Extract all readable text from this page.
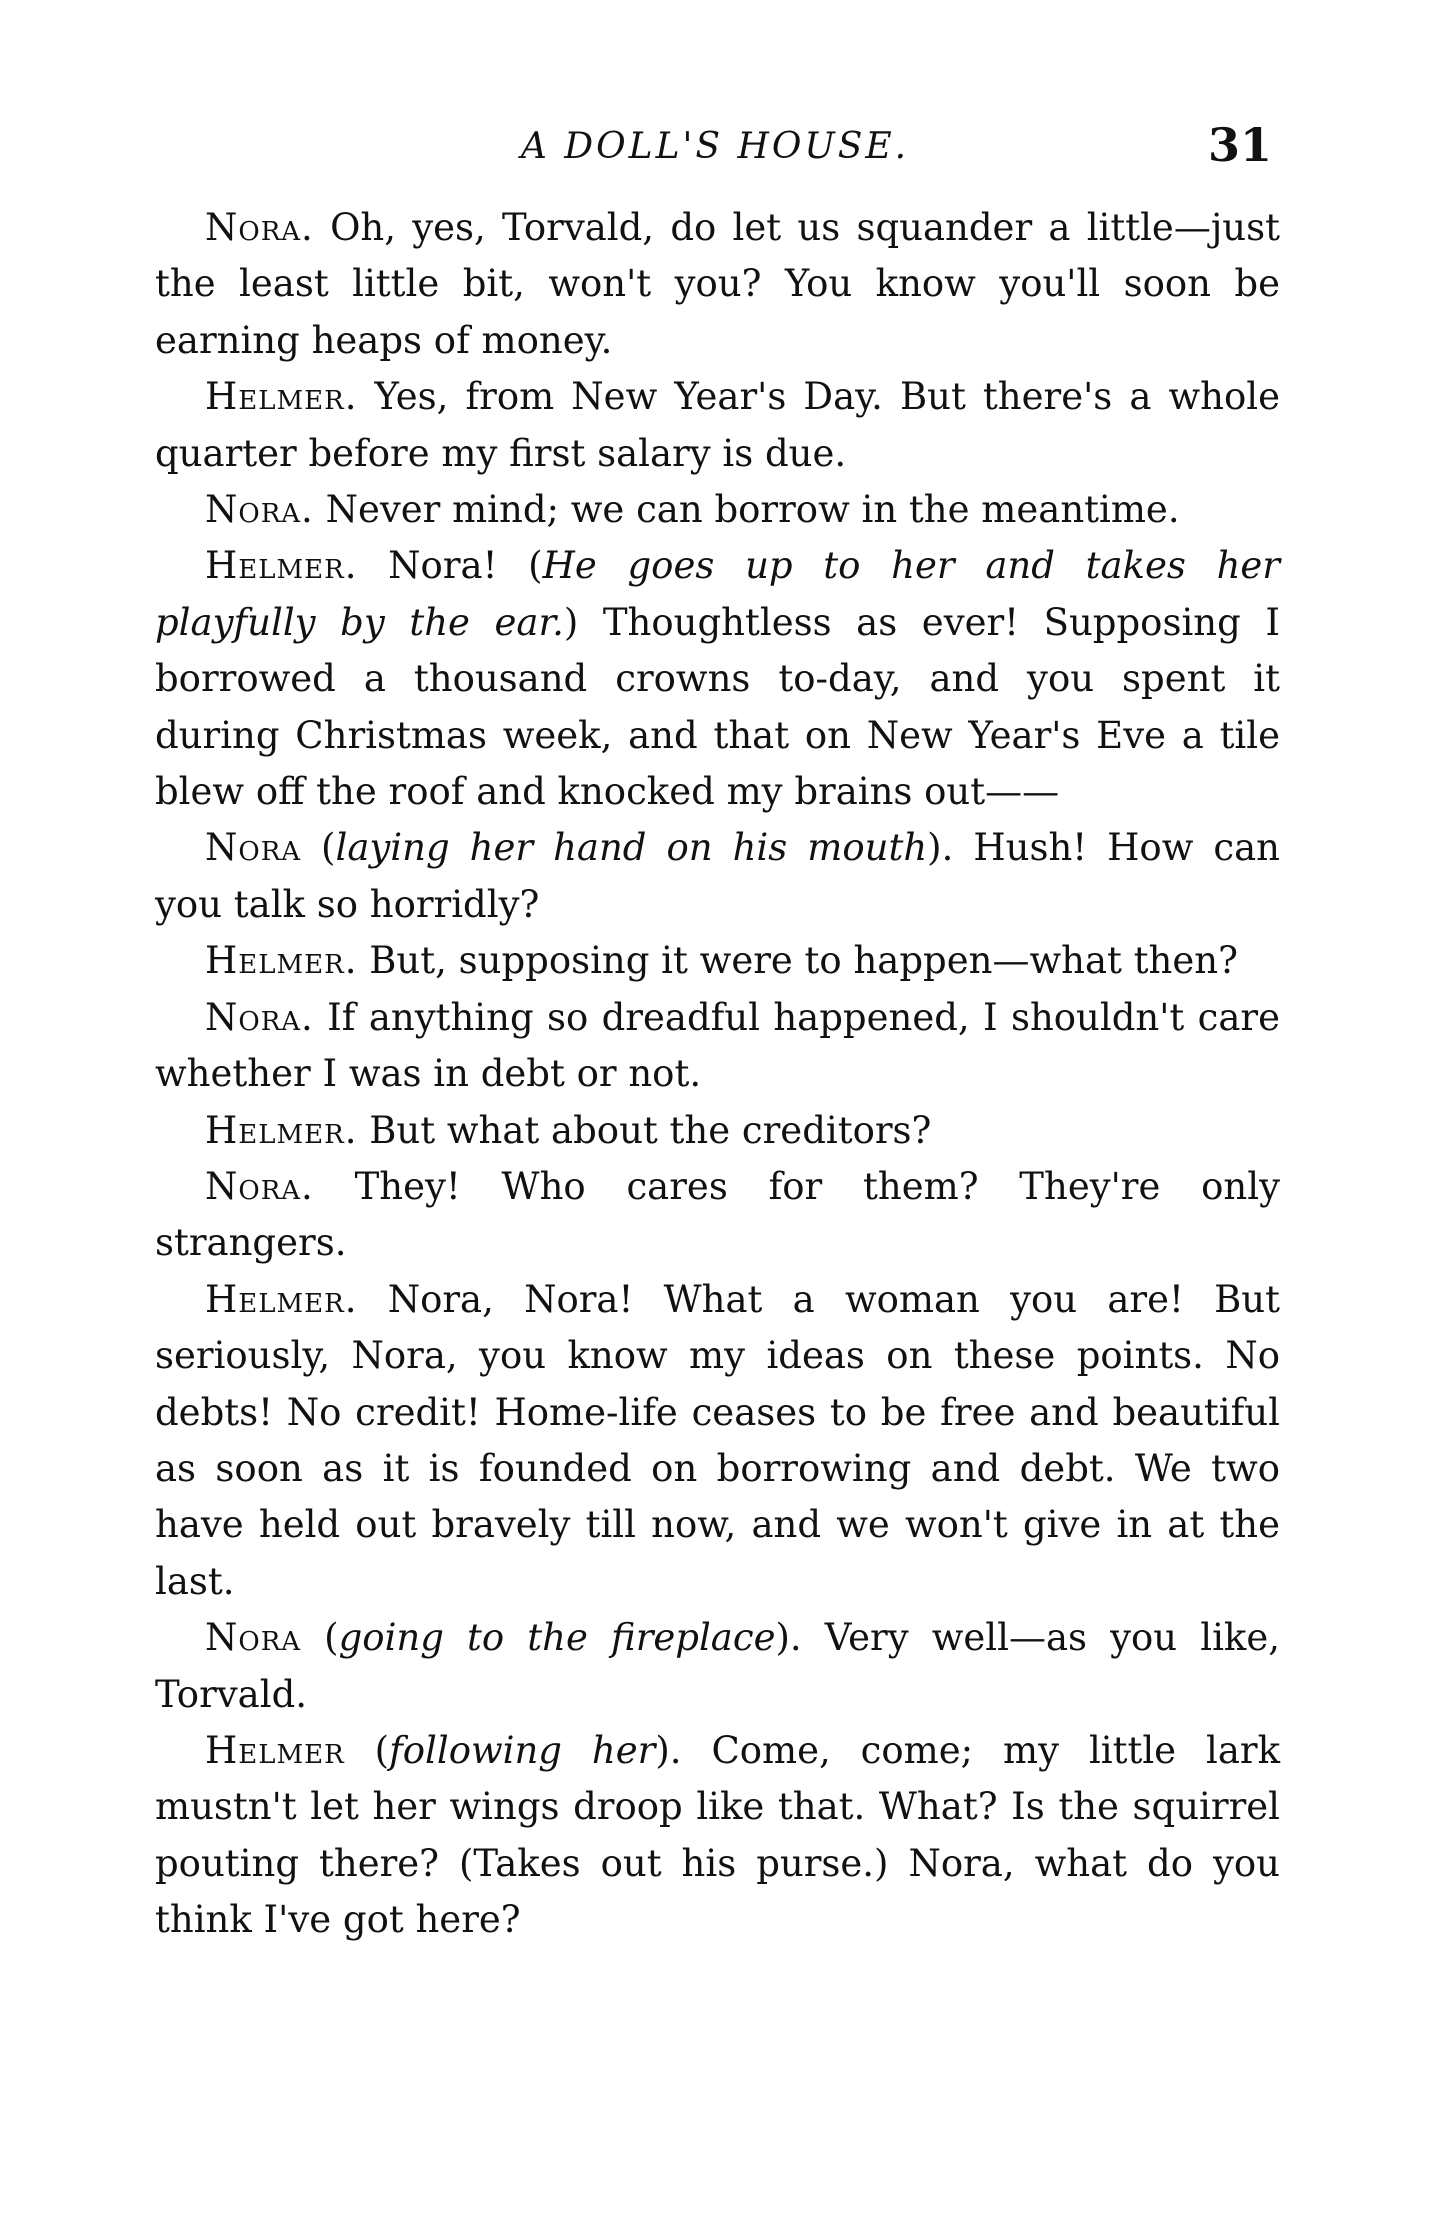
A DOLL'S HOUSE.	31

Nora. Oh, yes, Torvald, do let us squander a little—just the least little bit, won't you? You know you'll soon be earning heaps of money.

Helmer. Yes, from New Year's Day. But there's a whole quarter before my first salary is due.

Nora. Never mind; we can borrow in the meantime.

Helmer. Nora! (He goes up to her and takes her playfully by the ear.) Thoughtless as ever! Supposing I borrowed a thousand crowns to-day, and you spent it during Christmas week, and that on New Year's Eve a tile blew off the roof and knocked my brains out——

Nora (laying her hand on his mouth). Hush! How can you talk so horridly?

Helmer. But, supposing it were to happen—what then?

Nora. If anything so dreadful happened, I shouldn't care whether I was in debt or not.

Helmer. But what about the creditors?

Nora. They! Who cares for them? They're only strangers.

Helmer. Nora, Nora! What a woman you are! But seriously, Nora, you know my ideas on these points. No debts! No credit! Home-life ceases to be free and beautiful as soon as it is founded on borrowing and debt. We two have held out bravely till now, and we won't give in at the last.

Nora (going to the fireplace). Very well—as you like, Torvald.

Helmer (following her). Come, come; my little lark mustn't let her wings droop like that. What? Is the squirrel pouting there? (Takes out his purse.) Nora, what do you think I've got here?
